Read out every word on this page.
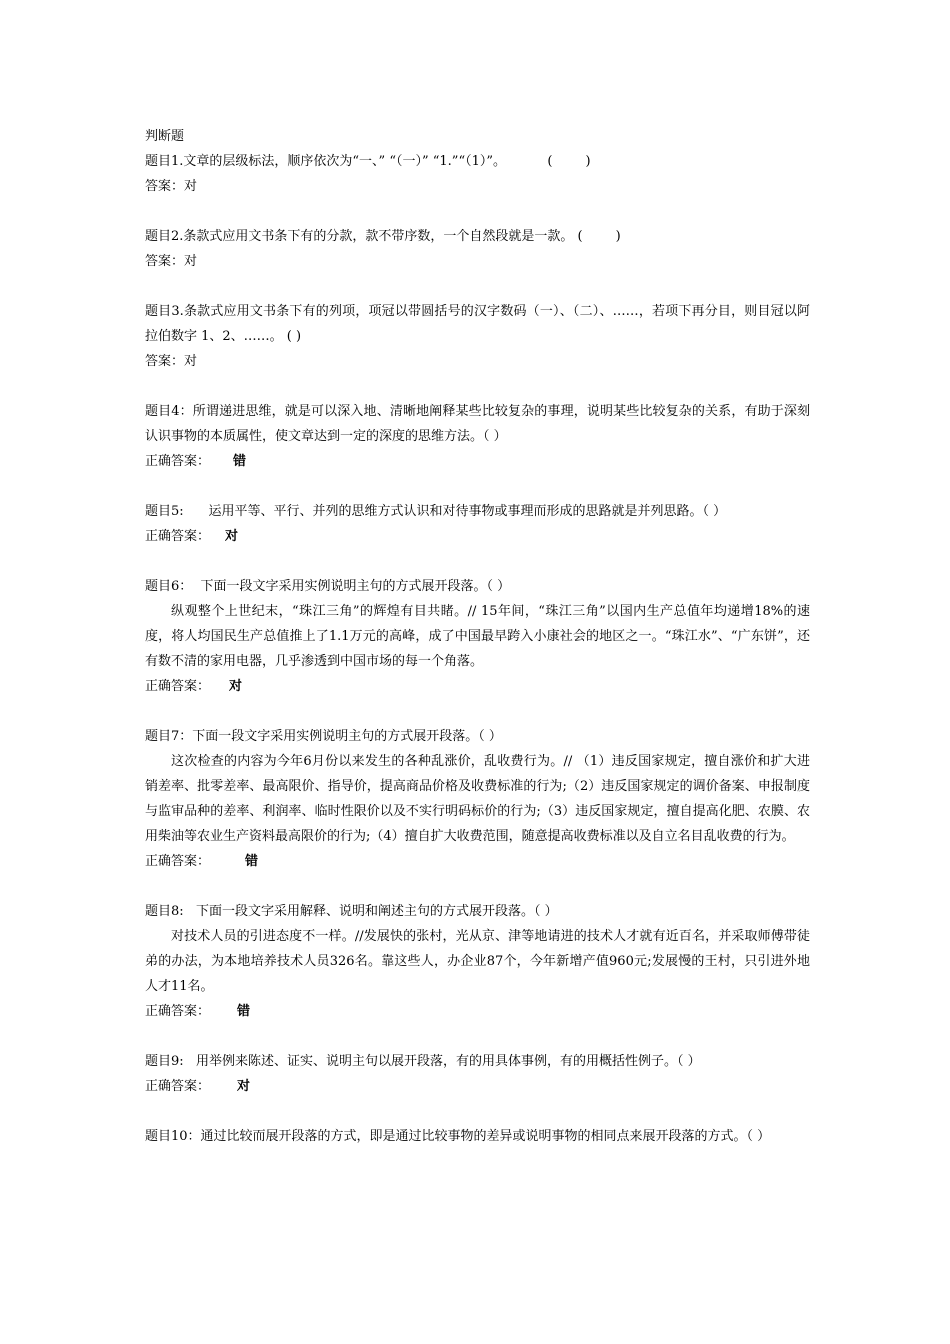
判断题

题目1.文章的层级标法，顺序依次为“一、” “（一）” “1.”“（1）”。          (        )

答案：对

题目2.条款式应用文书条下有的分款，款不带序数，一个自然段就是一款。 (        )

答案：对

题目3.条款式应用文书条下有的列项，项冠以带圆括号的汉字数码（一）、（二）、……，若项下再分目，则目冠以阿拉伯数字 1、2、……。 ( )

答案：对

题目4：所谓递进思维，就是可以深入地、清晰地阐释某些比较复杂的事理，说明某些比较复杂的关系，有助于深刻认识事物的本质属性，使文章达到一定的深度的思维方法。（ ）

正确答案： 错

题目5:      运用平等、平行、并列的思维方式认识和对待事物或事理而形成的思路就是并列思路。（ ）

正确答案： 对

题目6：  下面一段文字采用实例说明主句的方式展开段落。（ ）

纵观整个上世纪末，“珠江三角”的辉煌有目共睹。// 15年间，“珠江三角”以国内生产总值年均递增18%的速度，将人均国民生产总值推上了1.1万元的高峰，成了中国最早跨入小康社会的地区之一。“珠江水”、“广东饼”，还有数不清的家用电器，几乎渗透到中国市场的每一个角落。

正确答案： 对

题目7：下面一段文字采用实例说明主句的方式展开段落。（ ）

这次检查的内容为今年6月份以来发生的各种乱涨价，乱收费行为。// （1）违反国家规定，擅自涨价和扩大进销差率、批零差率、最高限价、指导价，提高商品价格及收费标准的行为;（2）违反国家规定的调价备案、申报制度与监审品种的差率、利润率、临时性限价以及不实行明码标价的行为;（3）违反国家规定，擅自提高化肥、农膜、农用柴油等农业生产资料最高限价的行为;（4）擅自扩大收费范围，随意提高收费标准以及自立名目乱收费的行为。

正确答案：	错

题目8:   下面一段文字采用解释、说明和阐述主句的方式展开段落。（ ）

对技术人员的引进态度不一样。//发展快的张村，光从京、津等地请进的技术人才就有近百名，并采取师傅带徒弟的办法，为本地培养技术人员326名。靠这些人，办企业87个，今年新增产值960元;发展慢的王村，只引进外地人才11名。

正确答案： 错

题目9:   用举例来陈述、证实、说明主句以展开段落，有的用具体事例，有的用概括性例子。（ ）

正确答案： 对

题目10：通过比较而展开段落的方式，即是通过比较事物的差异或说明事物的相同点来展开段落的方式。（ ）
